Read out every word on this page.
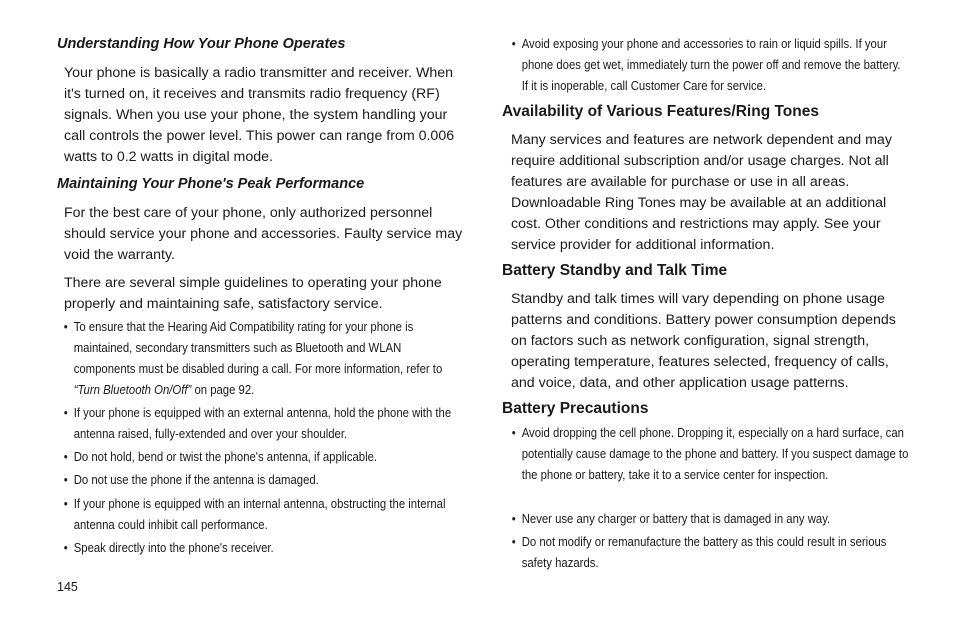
Understanding How Your Phone Operates

Your phone is basically a radio transmitter and receiver. When it's turned on, it receives and transmits radio frequency (RF) signals. When you use your phone, the system handling your call controls the power level. This power can range from 0.006 watts to 0.2 watts in digital mode.

Maintaining Your Phone's Peak Performance

For the best care of your phone, only authorized personnel should service your phone and accessories. Faulty service may void the warranty.

There are several simple guidelines to operating your phone properly and maintaining safe, satisfactory service.

• To ensure that the Hearing Aid Compatibility rating for your phone is maintained, secondary transmitters such as Bluetooth and WLAN components must be disabled during a call. For more information, refer to “Turn Bluetooth On/Off” on page 92.

• If your phone is equipped with an external antenna, hold the phone with the antenna raised, fully-extended and over your shoulder.

• Do not hold, bend or twist the phone's antenna, if applicable.

• Do not use the phone if the antenna is damaged.

• If your phone is equipped with an internal antenna, obstructing the internal antenna could inhibit call performance.

• Speak directly into the phone's receiver.

• Avoid exposing your phone and accessories to rain or liquid spills. If your phone does get wet, immediately turn the power off and remove the battery. If it is inoperable, call Customer Care for service.

Availability of Various Features/Ring Tones

Many services and features are network dependent and may require additional subscription and/or usage charges. Not all features are available for purchase or use in all areas. Downloadable Ring Tones may be available at an additional cost. Other conditions and restrictions may apply. See your service provider for additional information.

Battery Standby and Talk Time

Standby and talk times will vary depending on phone usage patterns and conditions. Battery power consumption depends on factors such as network configuration, signal strength, operating temperature, features selected, frequency of calls, and voice, data, and other application usage patterns.

Battery Precautions

• Avoid dropping the cell phone. Dropping it, especially on a hard surface, can potentially cause damage to the phone and battery. If you suspect damage to the phone or battery, take it to a service center for inspection.

• Never use any charger or battery that is damaged in any way.

• Do not modify or remanufacture the battery as this could result in serious safety hazards.

145
